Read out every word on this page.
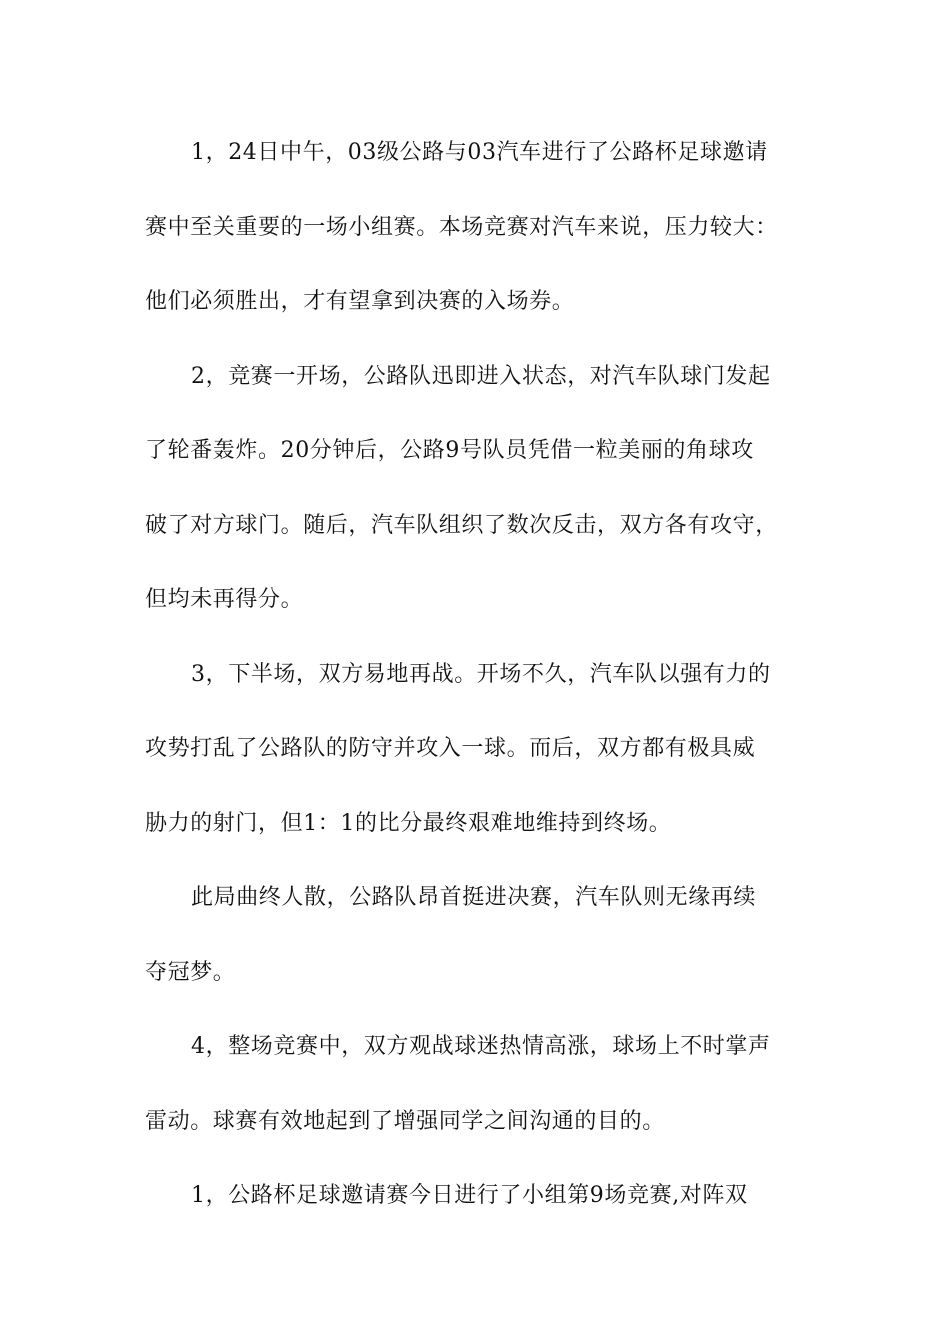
1，24日中午，03级公路与03汽车进行了公路杯足球邀请
赛中至关重要的一场小组赛。本场竞赛对汽车来说，压力较大：
他们必须胜出，才有望拿到决赛的入场券。
2，竞赛一开场，公路队迅即进入状态，对汽车队球门发起
了轮番轰炸。20分钟后，公路9号队员凭借一粒美丽的角球攻
破了对方球门。随后，汽车队组织了数次反击，双方各有攻守，
但均未再得分。
3，下半场，双方易地再战。开场不久，汽车队以强有力的
攻势打乱了公路队的防守并攻入一球。而后，双方都有极具威
胁力的射门，但1：1的比分最终艰难地维持到终场。
此局曲终人散，公路队昂首挺进决赛，汽车队则无缘再续
夺冠梦。
4，整场竞赛中，双方观战球迷热情高涨，球场上不时掌声
雷动。球赛有效地起到了增强同学之间沟通的目的。
1，公路杯足球邀请赛今日进行了小组第9场竞赛,对阵双
